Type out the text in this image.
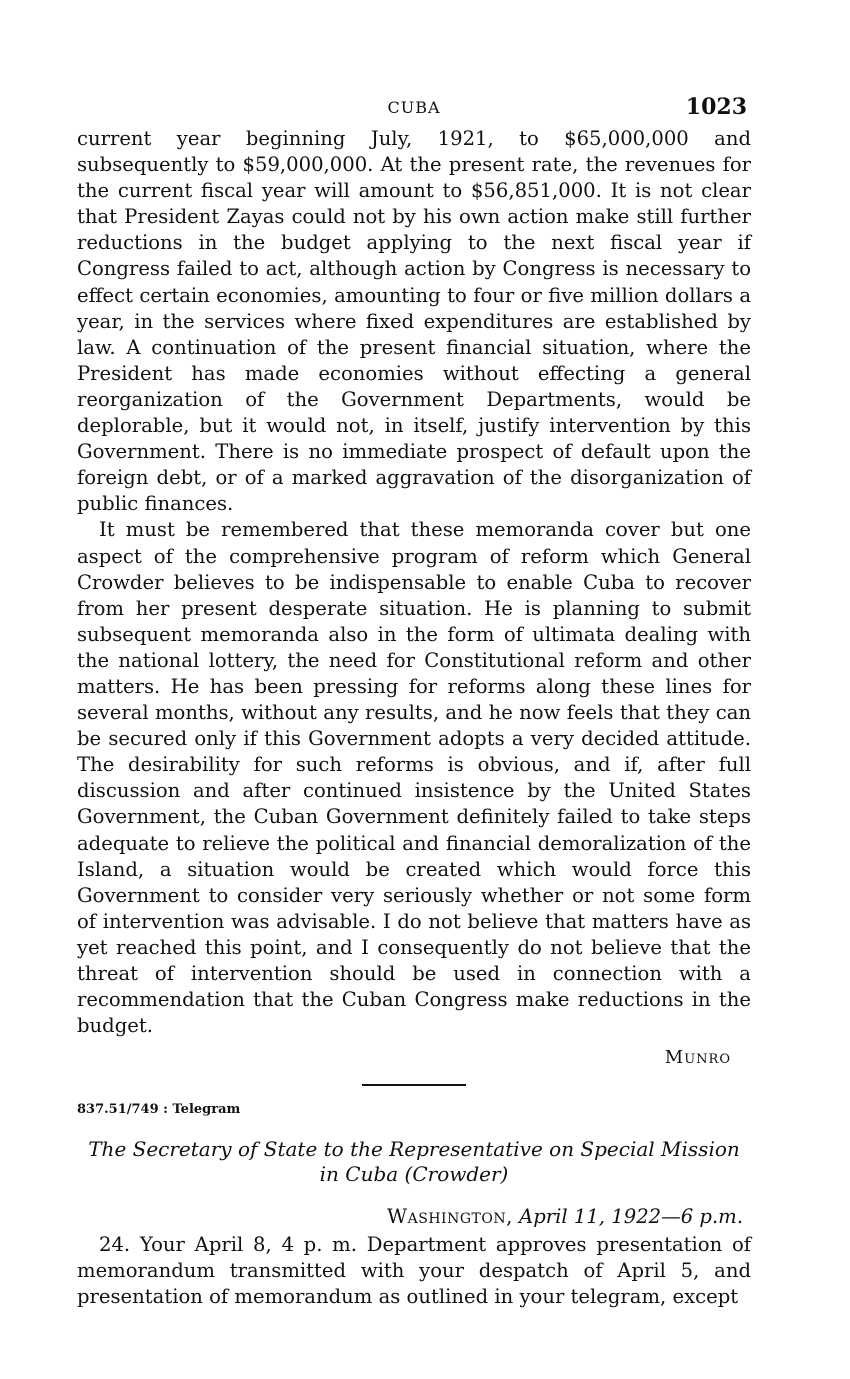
CUBA	1023

current year beginning July, 1921, to $65,000,000 and subsequently to $59,000,000. At the present rate, the revenues for the current fiscal year will amount to $56,851,000. It is not clear that President Zayas could not by his own action make still further reductions in the budget applying to the next fiscal year if Congress failed to act, although action by Congress is necessary to effect certain economies, amounting to four or five million dollars a year, in the services where fixed expenditures are established by law. A continuation of the present financial situation, where the President has made economies without effecting a general reorganization of the Government Departments, would be deplorable, but it would not, in itself, justify intervention by this Government. There is no immediate prospect of default upon the foreign debt, or of a marked aggravation of the disorganization of public finances.

It must be remembered that these memoranda cover but one aspect of the comprehensive program of reform which General Crowder believes to be indispensable to enable Cuba to recover from her present desperate situation. He is planning to submit subsequent memoranda also in the form of ultimata dealing with the national lottery, the need for Constitutional reform and other matters. He has been pressing for reforms along these lines for several months, without any results, and he now feels that they can be secured only if this Government adopts a very decided attitude. The desirability for such reforms is obvious, and if, after full discussion and after continued insistence by the United States Government, the Cuban Government definitely failed to take steps adequate to relieve the political and financial demoralization of the Island, a situation would be created which would force this Government to consider very seriously whether or not some form of intervention was advisable. I do not believe that matters have as yet reached this point, and I consequently do not believe that the threat of intervention should be used in connection with a recommendation that the Cuban Congress make reductions in the budget.

Munro
837.51/749 : Telegram
The Secretary of State to the Representative on Special Mission in Cuba (Crowder)
Washington, April 11, 1922—6 p.m.

24. Your April 8, 4 p. m. Department approves presentation of memorandum transmitted with your despatch of April 5, and presentation of memorandum as outlined in your telegram, except
